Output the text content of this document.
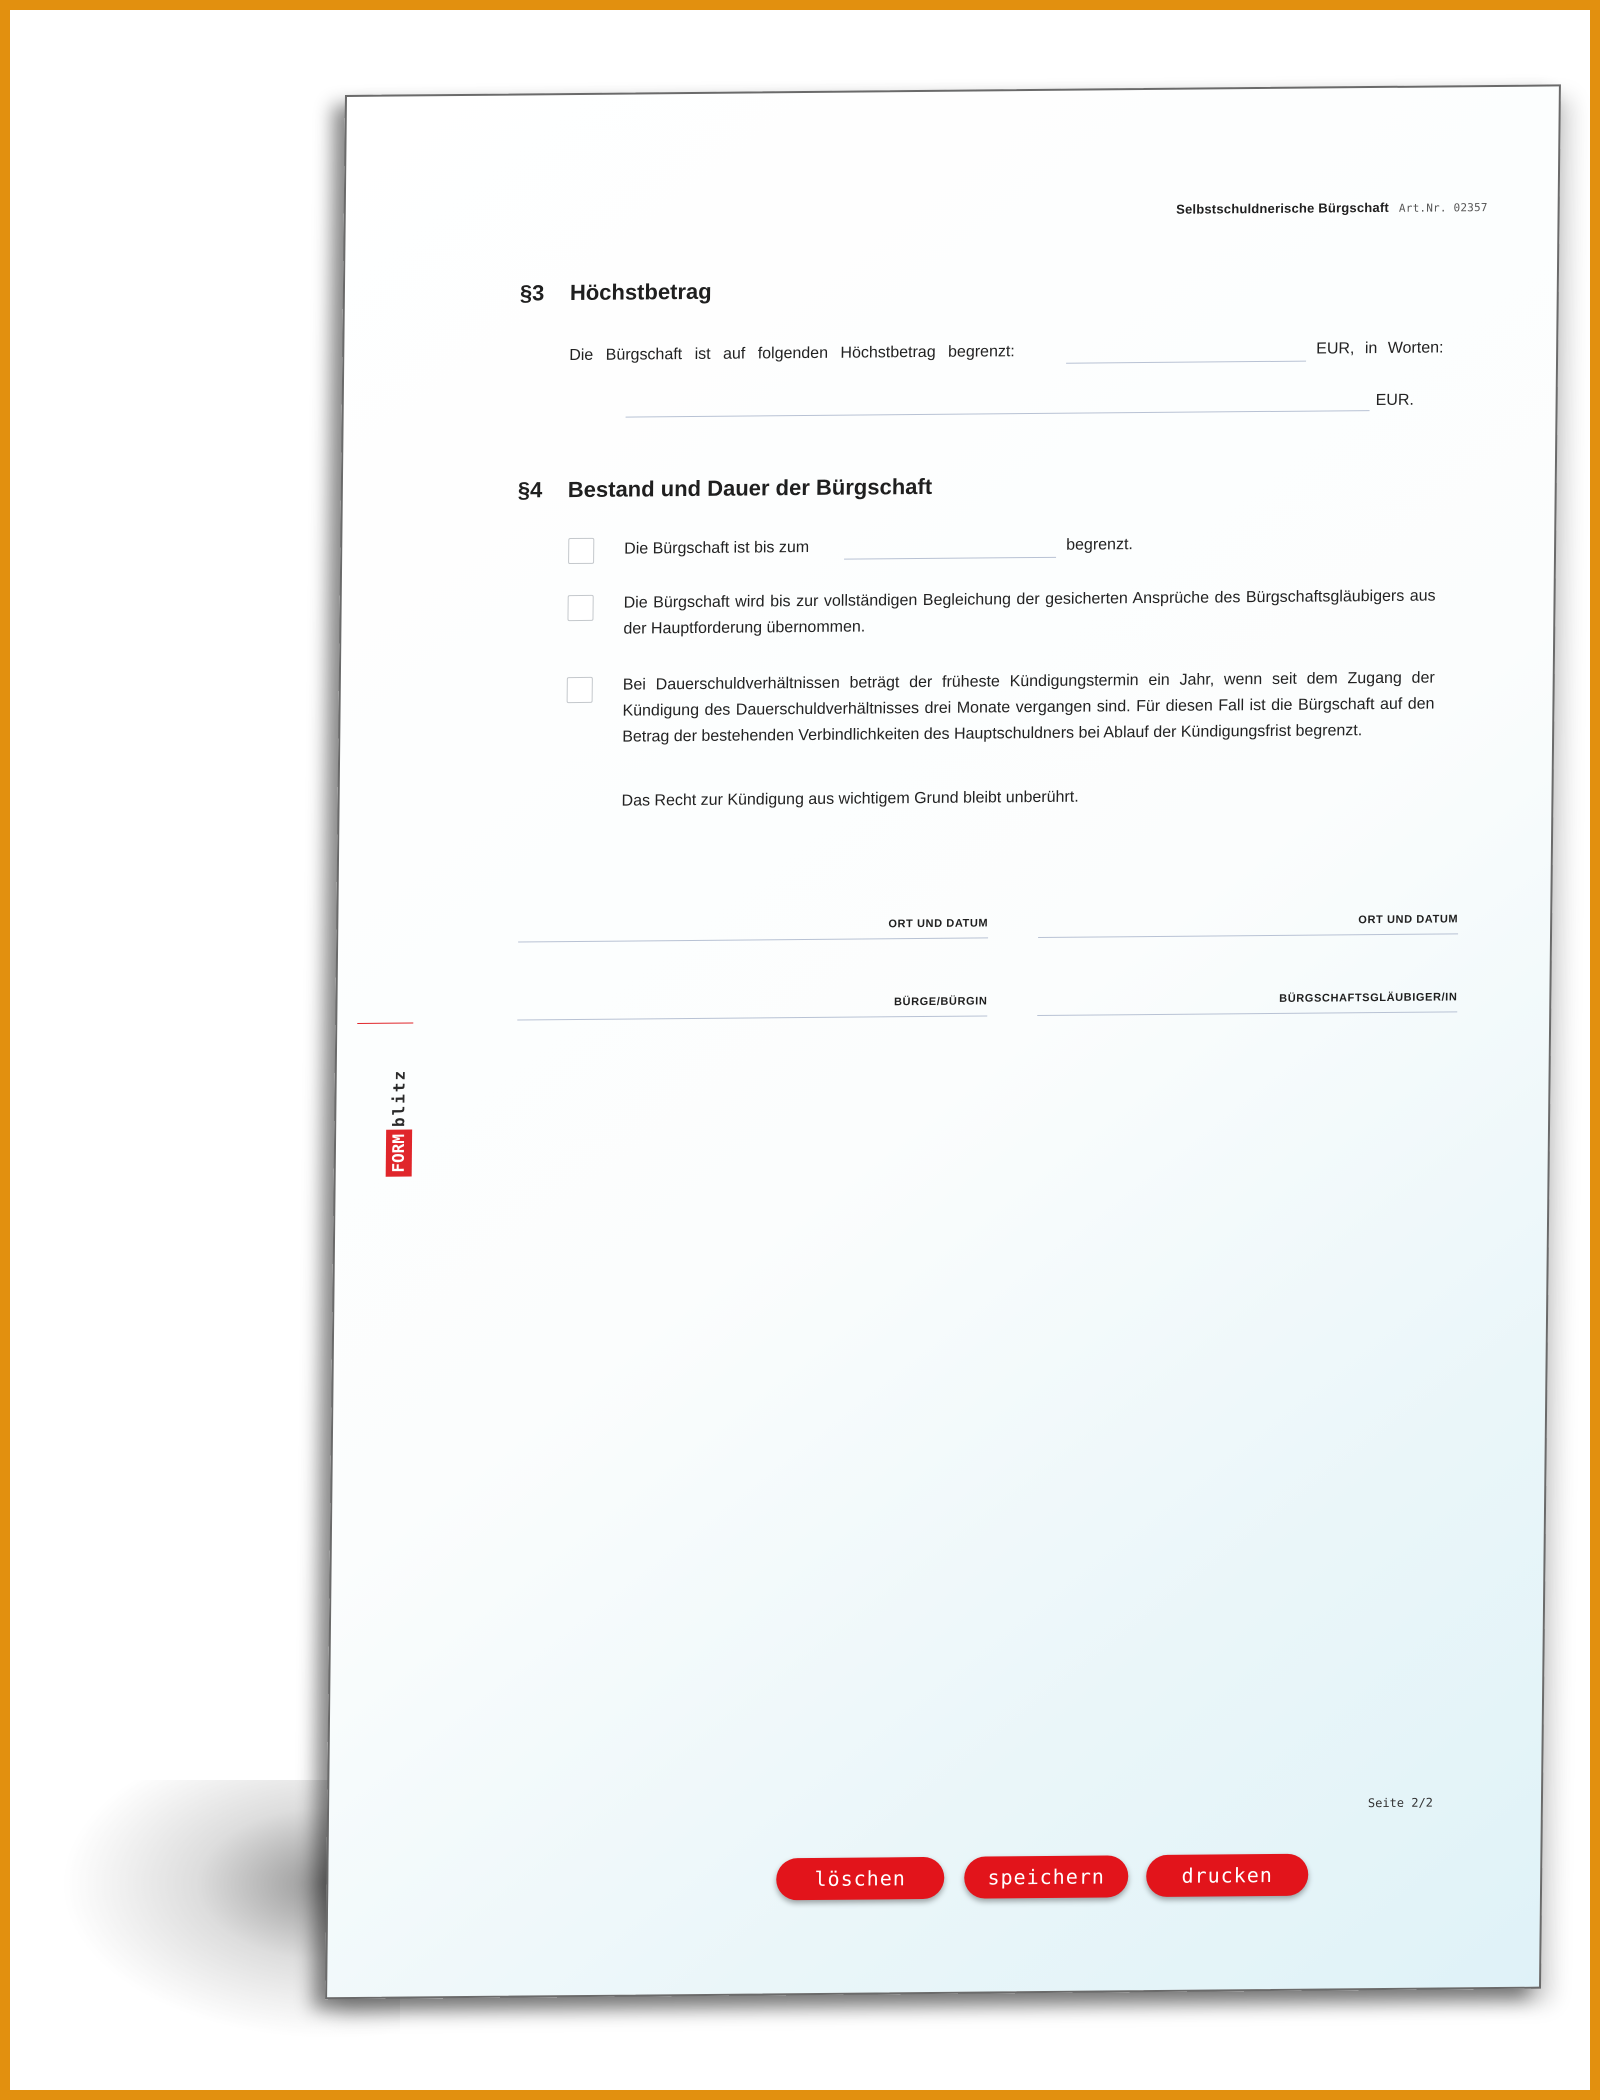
Selbstschuldnerische Bürgschaft Art.Nr. 02357
§3 Höchstbetrag
Die Bürgschaft ist auf folgenden Höchstbetrag begrenzt:	EUR, in Worten:
EUR.
§4 Bestand und Dauer der Bürgschaft
Die Bürgschaft ist bis zum	begrenzt.
Die Bürgschaft wird bis zur vollständigen Begleichung der gesicherten Ansprüche des Bürgschaftsgläubigers aus der Hauptforderung übernommen.
Bei Dauerschuldverhältnissen beträgt der früheste Kündigungstermin ein Jahr, wenn seit dem Zugang der Kündigung des Dauerschuldverhältnisses drei Monate vergangen sind. Für diesen Fall ist die Bürgschaft auf den Betrag der bestehenden Verbindlichkeiten des Hauptschuldners bei Ablauf der Kündigungsfrist begrenzt.
Das Recht zur Kündigung aus wichtigem Grund bleibt unberührt.
ORT UND DATUM	ORT UND DATUM
BÜRGE/BÜRGIN	BÜRGSCHAFTSGLÄUBIGER/IN
FORM
blitz
Seite 2/2
löschen	speichern	drucken
